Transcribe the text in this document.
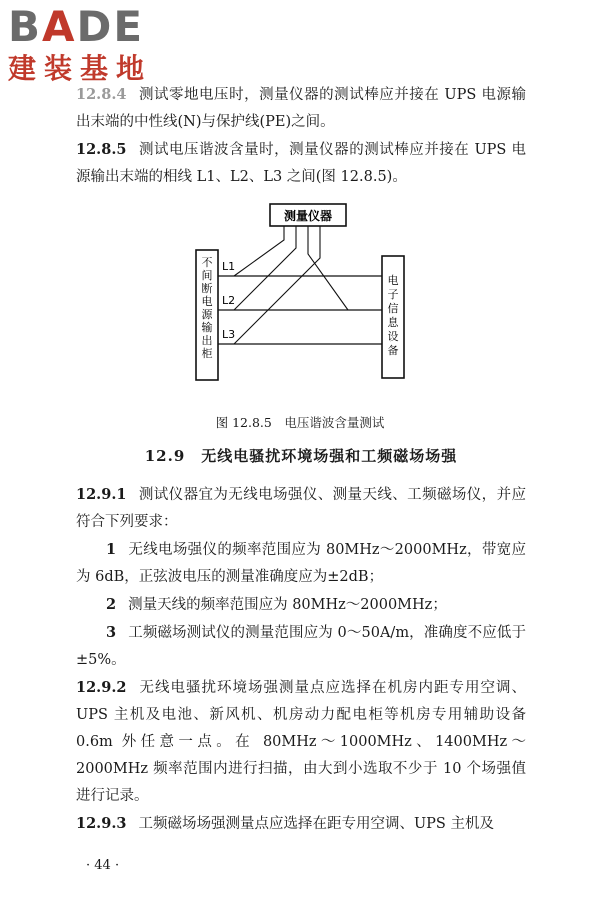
BADE
建装基地

12.8.4 测试零地电压时，测量仪器的测试棒应并接在 UPS 电源输出末端的中性线(N)与保护线(PE)之间。

12.8.5 测试电压谐波含量时，测量仪器的测试棒应并接在 UPS 电源输出末端的相线 L1、L2、L3 之间(图 12.8.5)。

测量仪器
不
间
断
电
源
输
出
柜
电
子
信
息
设
备
L1
L2
L3
图 12.8.5　电压谐波含量测试

12.9　无线电骚扰环境场强和工频磁场场强

12.9.1 测试仪器宜为无线电场强仪、测量天线、工频磁场仪，并应符合下列要求：

1 无线电场强仪的频率范围应为 80MHz～2000MHz，带宽应为 6dB，正弦波电压的测量准确度应为±2dB；

2 测量天线的频率范围应为 80MHz～2000MHz；

3 工频磁场测试仪的测量范围应为 0～50A/m，准确度不应低于±5%。

12.9.2 无线电骚扰环境场强测量点应选择在机房内距专用空调、UPS 主机及电池、新风机、机房动力配电柜等机房专用辅助设备 0.6m 外任意一点。在 80MHz～1000MHz、1400MHz～2000MHz 频率范围内进行扫描，由大到小选取不少于 10 个场强值进行记录。

12.9.3 工频磁场场强测量点应选择在距专用空调、UPS 主机及

· 44 ·
